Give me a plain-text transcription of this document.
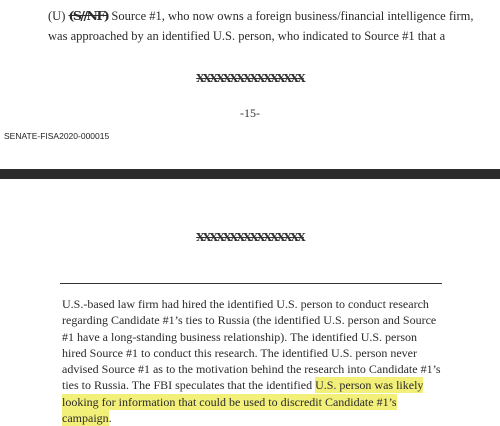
(U) (S//NF) Source #1, who now owns a foreign business/financial intelligence firm, was approached by an identified U.S. person, who indicated to Source #1 that a
XXXXXXXXXXXXXXXX
-15-
SENATE-FISA2020-000015
XXXXXXXXXXXXXXXX
U.S.-based law firm had hired the identified U.S. person to conduct research regarding Candidate #1’s ties to Russia (the identified U.S. person and Source #1 have a long-standing business relationship). The identified U.S. person hired Source #1 to conduct this research. The identified U.S. person never advised Source #1 as to the motivation behind the research into Candidate #1’s ties to Russia. The FBI speculates that the identified U.S. person was likely looking for information that could be used to discredit Candidate #1’s campaign.
